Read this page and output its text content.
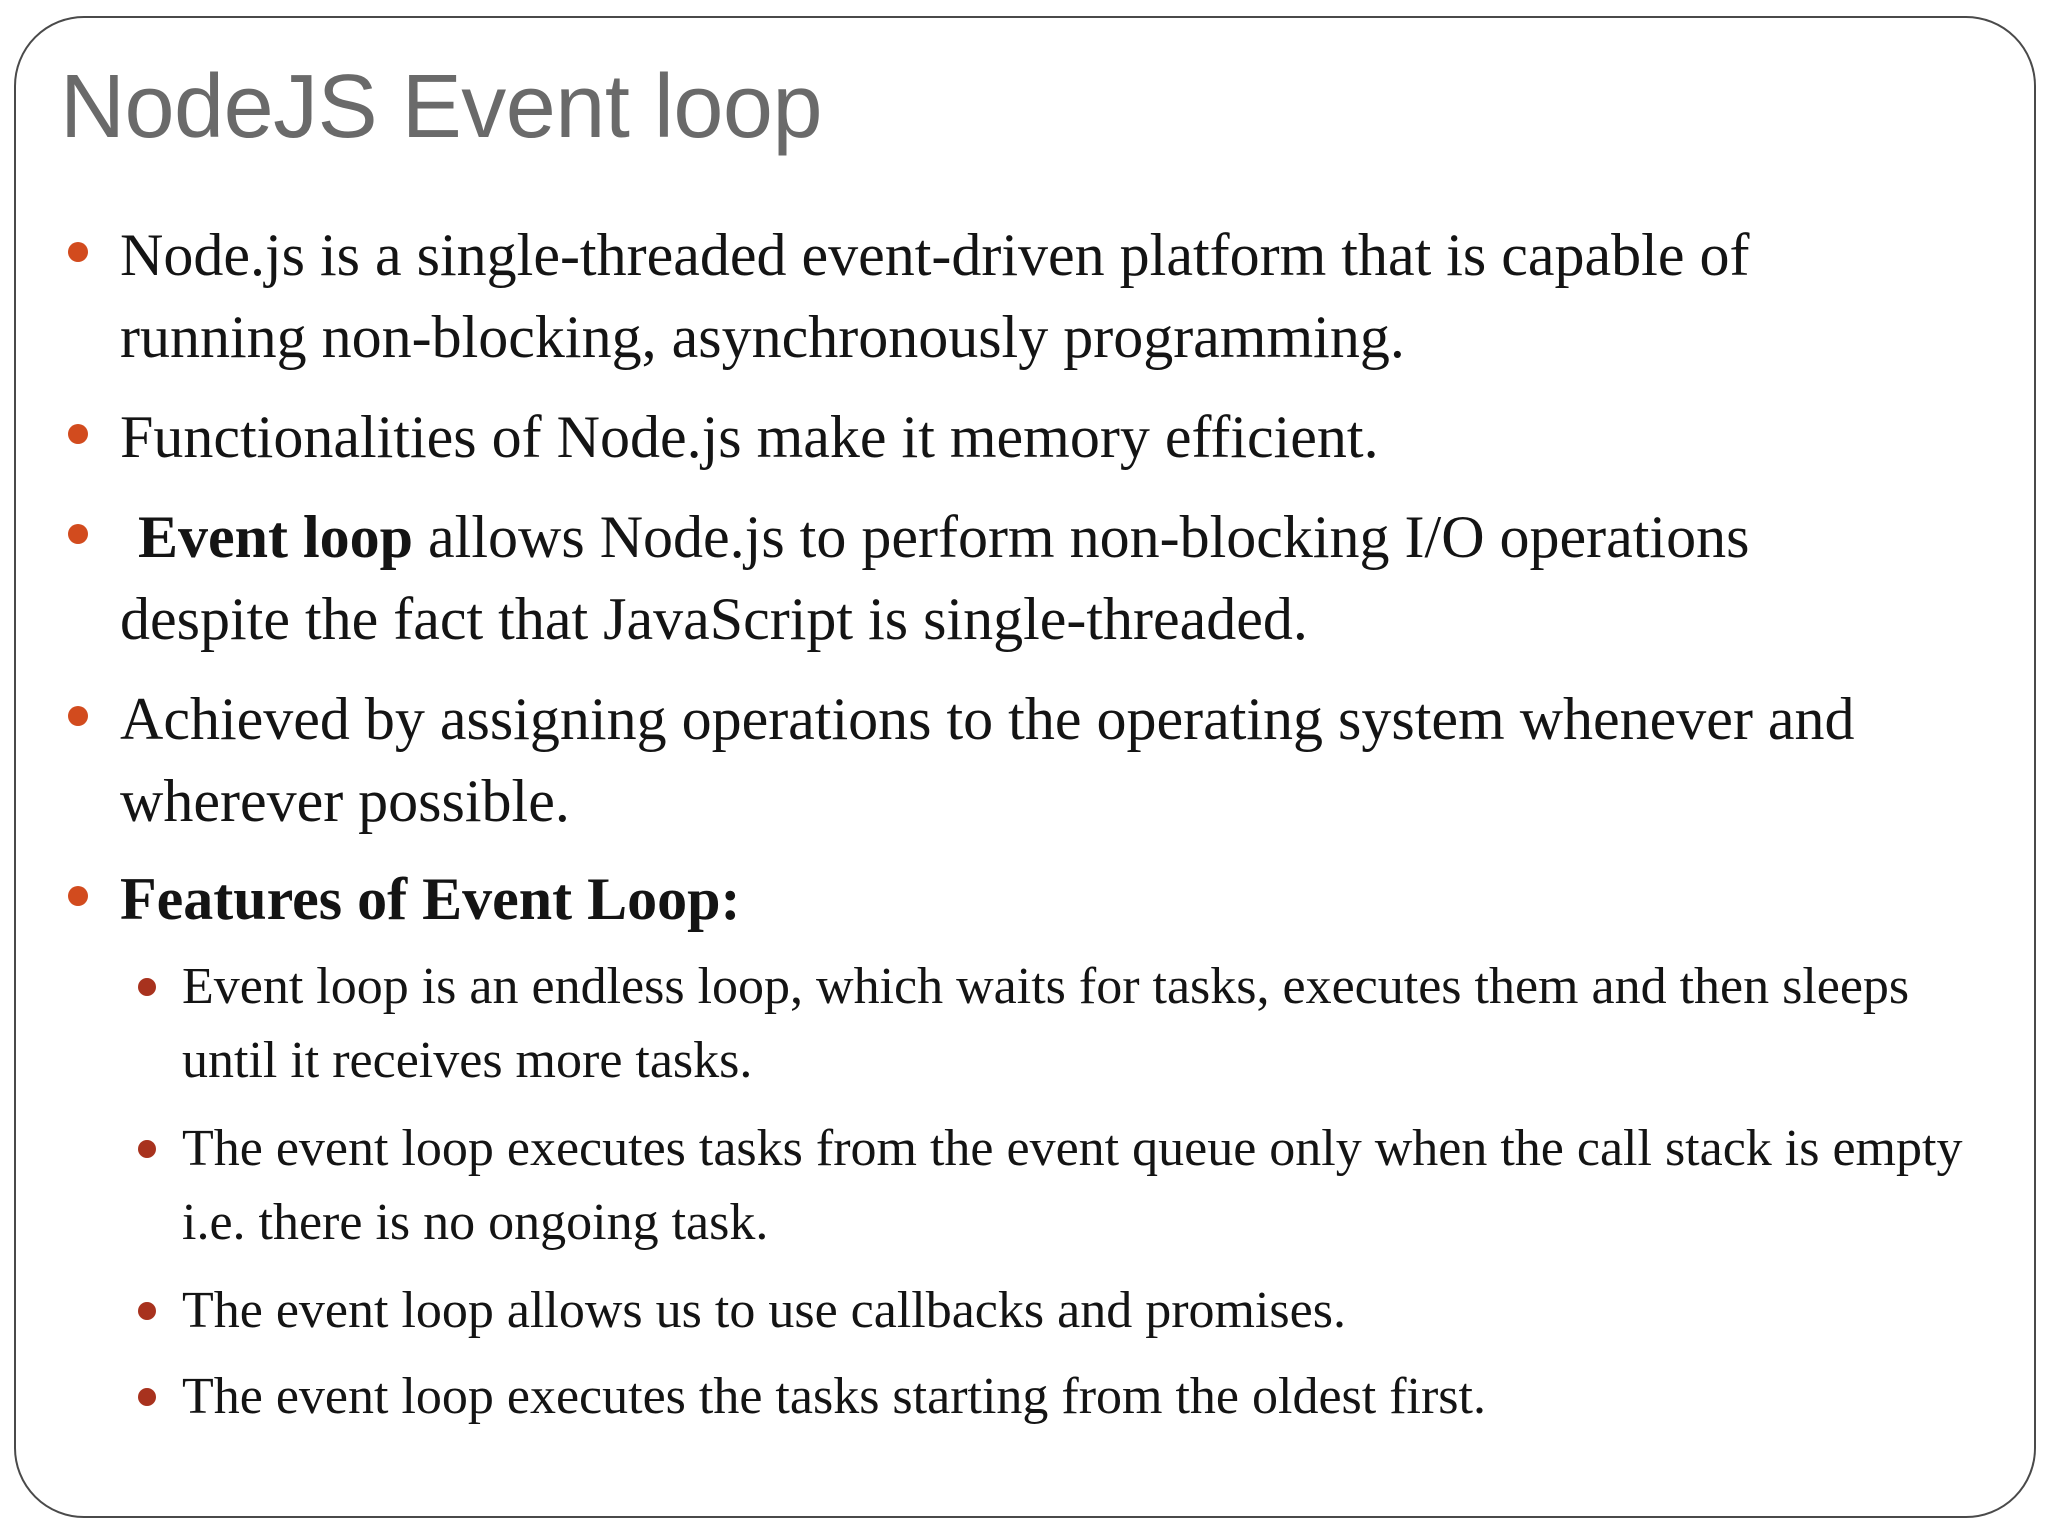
NodeJS Event loop

Node.js is a single-threaded event-driven platform that is capable of running non-blocking, asynchronously programming.

Functionalities of Node.js make it memory efficient.

Event loop allows Node.js to perform non-blocking I/O operations despite the fact that JavaScript is single-threaded.

Achieved by assigning operations to the operating system whenever and wherever possible.

Features of Event Loop:

Event loop is an endless loop, which waits for tasks, executes them and then sleeps until it receives more tasks.

The event loop executes tasks from the event queue only when the call stack is empty i.e. there is no ongoing task.

The event loop allows us to use callbacks and promises.

The event loop executes the tasks starting from the oldest first.
